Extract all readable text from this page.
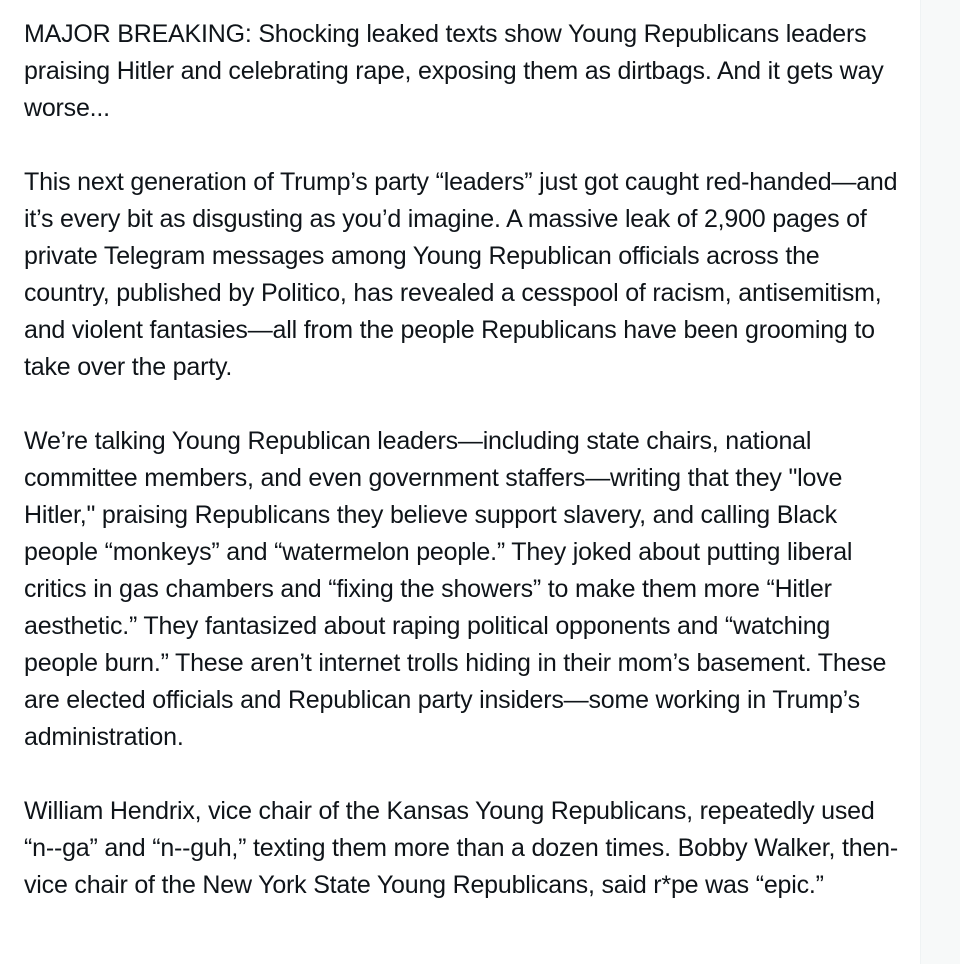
MAJOR BREAKING: Shocking leaked texts show Young Republicans leaders praising Hitler and celebrating rape, exposing them as dirtbags. And it gets way worse...

This next generation of Trump’s party “leaders” just got caught red-handed—and it’s every bit as disgusting as you’d imagine. A massive leak of 2,900 pages of private Telegram messages among Young Republican officials across the country, published by Politico, has revealed a cesspool of racism, antisemitism, and violent fantasies—all from the people Republicans have been grooming to take over the party.

We’re talking Young Republican leaders—including state chairs, national committee members, and even government staffers—writing that they "love Hitler," praising Republicans they believe support slavery, and calling Black people “monkeys” and “watermelon people.” They joked about putting liberal critics in gas chambers and “fixing the showers” to make them more “Hitler aesthetic.” They fantasized about raping political opponents and “watching people burn.” These aren’t internet trolls hiding in their mom’s basement. These are elected officials and Republican party insiders—some working in Trump’s administration.

William Hendrix, vice chair of the Kansas Young Republicans, repeatedly used “n--ga” and “n--guh,” texting them more than a dozen times. Bobby Walker, then-vice chair of the New York State Young Republicans, said r*pe was “epic.”
